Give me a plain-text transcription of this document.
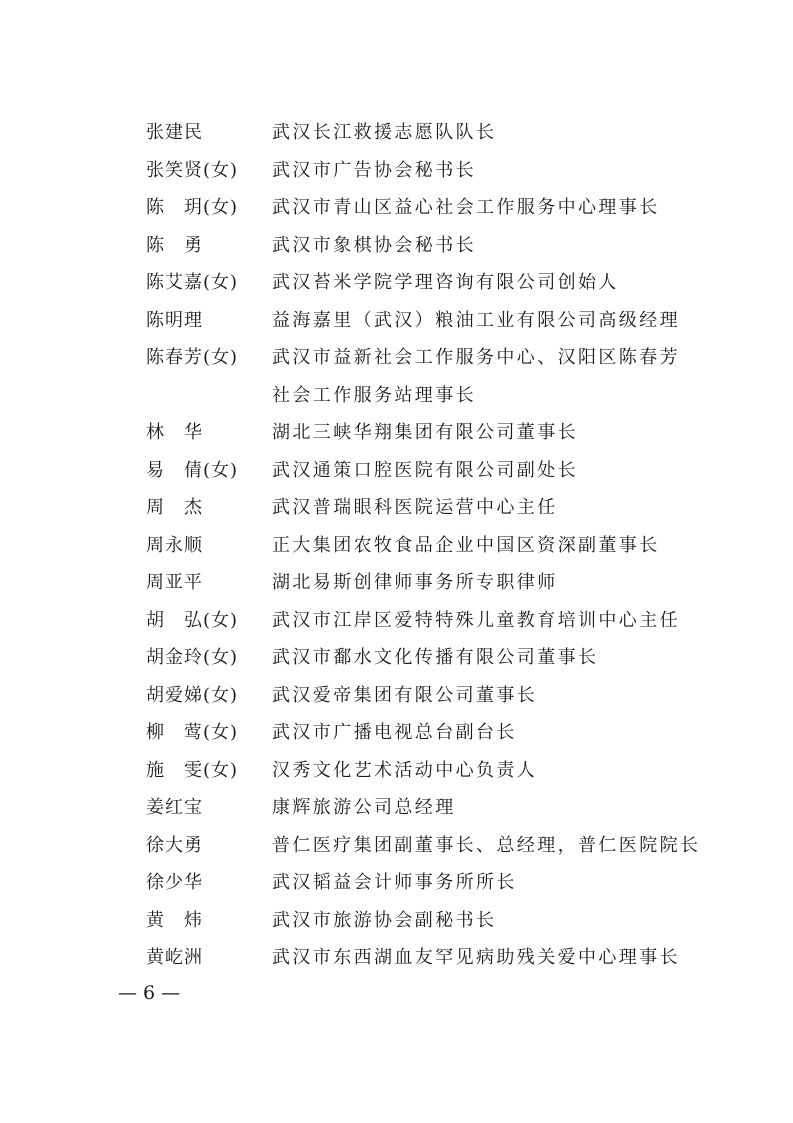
张建民	武汉长江救援志愿队队长
张笑贤(女)	武汉市广告协会秘书长
陈　玥(女)	武汉市青山区益心社会工作服务中心理事长
陈　勇	武汉市象棋协会秘书长
陈艾嘉(女)	武汉苔米学院学理咨询有限公司创始人
陈明理	益海嘉里（武汉）粮油工业有限公司高级经理
陈春芳(女)	武汉市益新社会工作服务中心、汉阳区陈春芳
社会工作服务站理事长
林　华	湖北三峡华翔集团有限公司董事长
易　倩(女)	武汉通策口腔医院有限公司副处长
周　杰	武汉普瑞眼科医院运营中心主任
周永顺	正大集团农牧食品企业中国区资深副董事长
周亚平	湖北易斯创律师事务所专职律师
胡　弘(女)	武汉市江岸区爱特特殊儿童教育培训中心主任
胡金玲(女)	武汉市鄱水文化传播有限公司董事长
胡爱娣(女)	武汉爱帝集团有限公司董事长
柳　莺(女)	武汉市广播电视总台副台长
施　雯(女)	汉秀文化艺术活动中心负责人
姜红宝	康辉旅游公司总经理
徐大勇	普仁医疗集团副董事长、总经理，普仁医院院长
徐少华	武汉韬益会计师事务所所长
黄　炜	武汉市旅游协会副秘书长
黄屹洲	武汉市东西湖血友罕见病助残关爱中心理事长
— 6 —
